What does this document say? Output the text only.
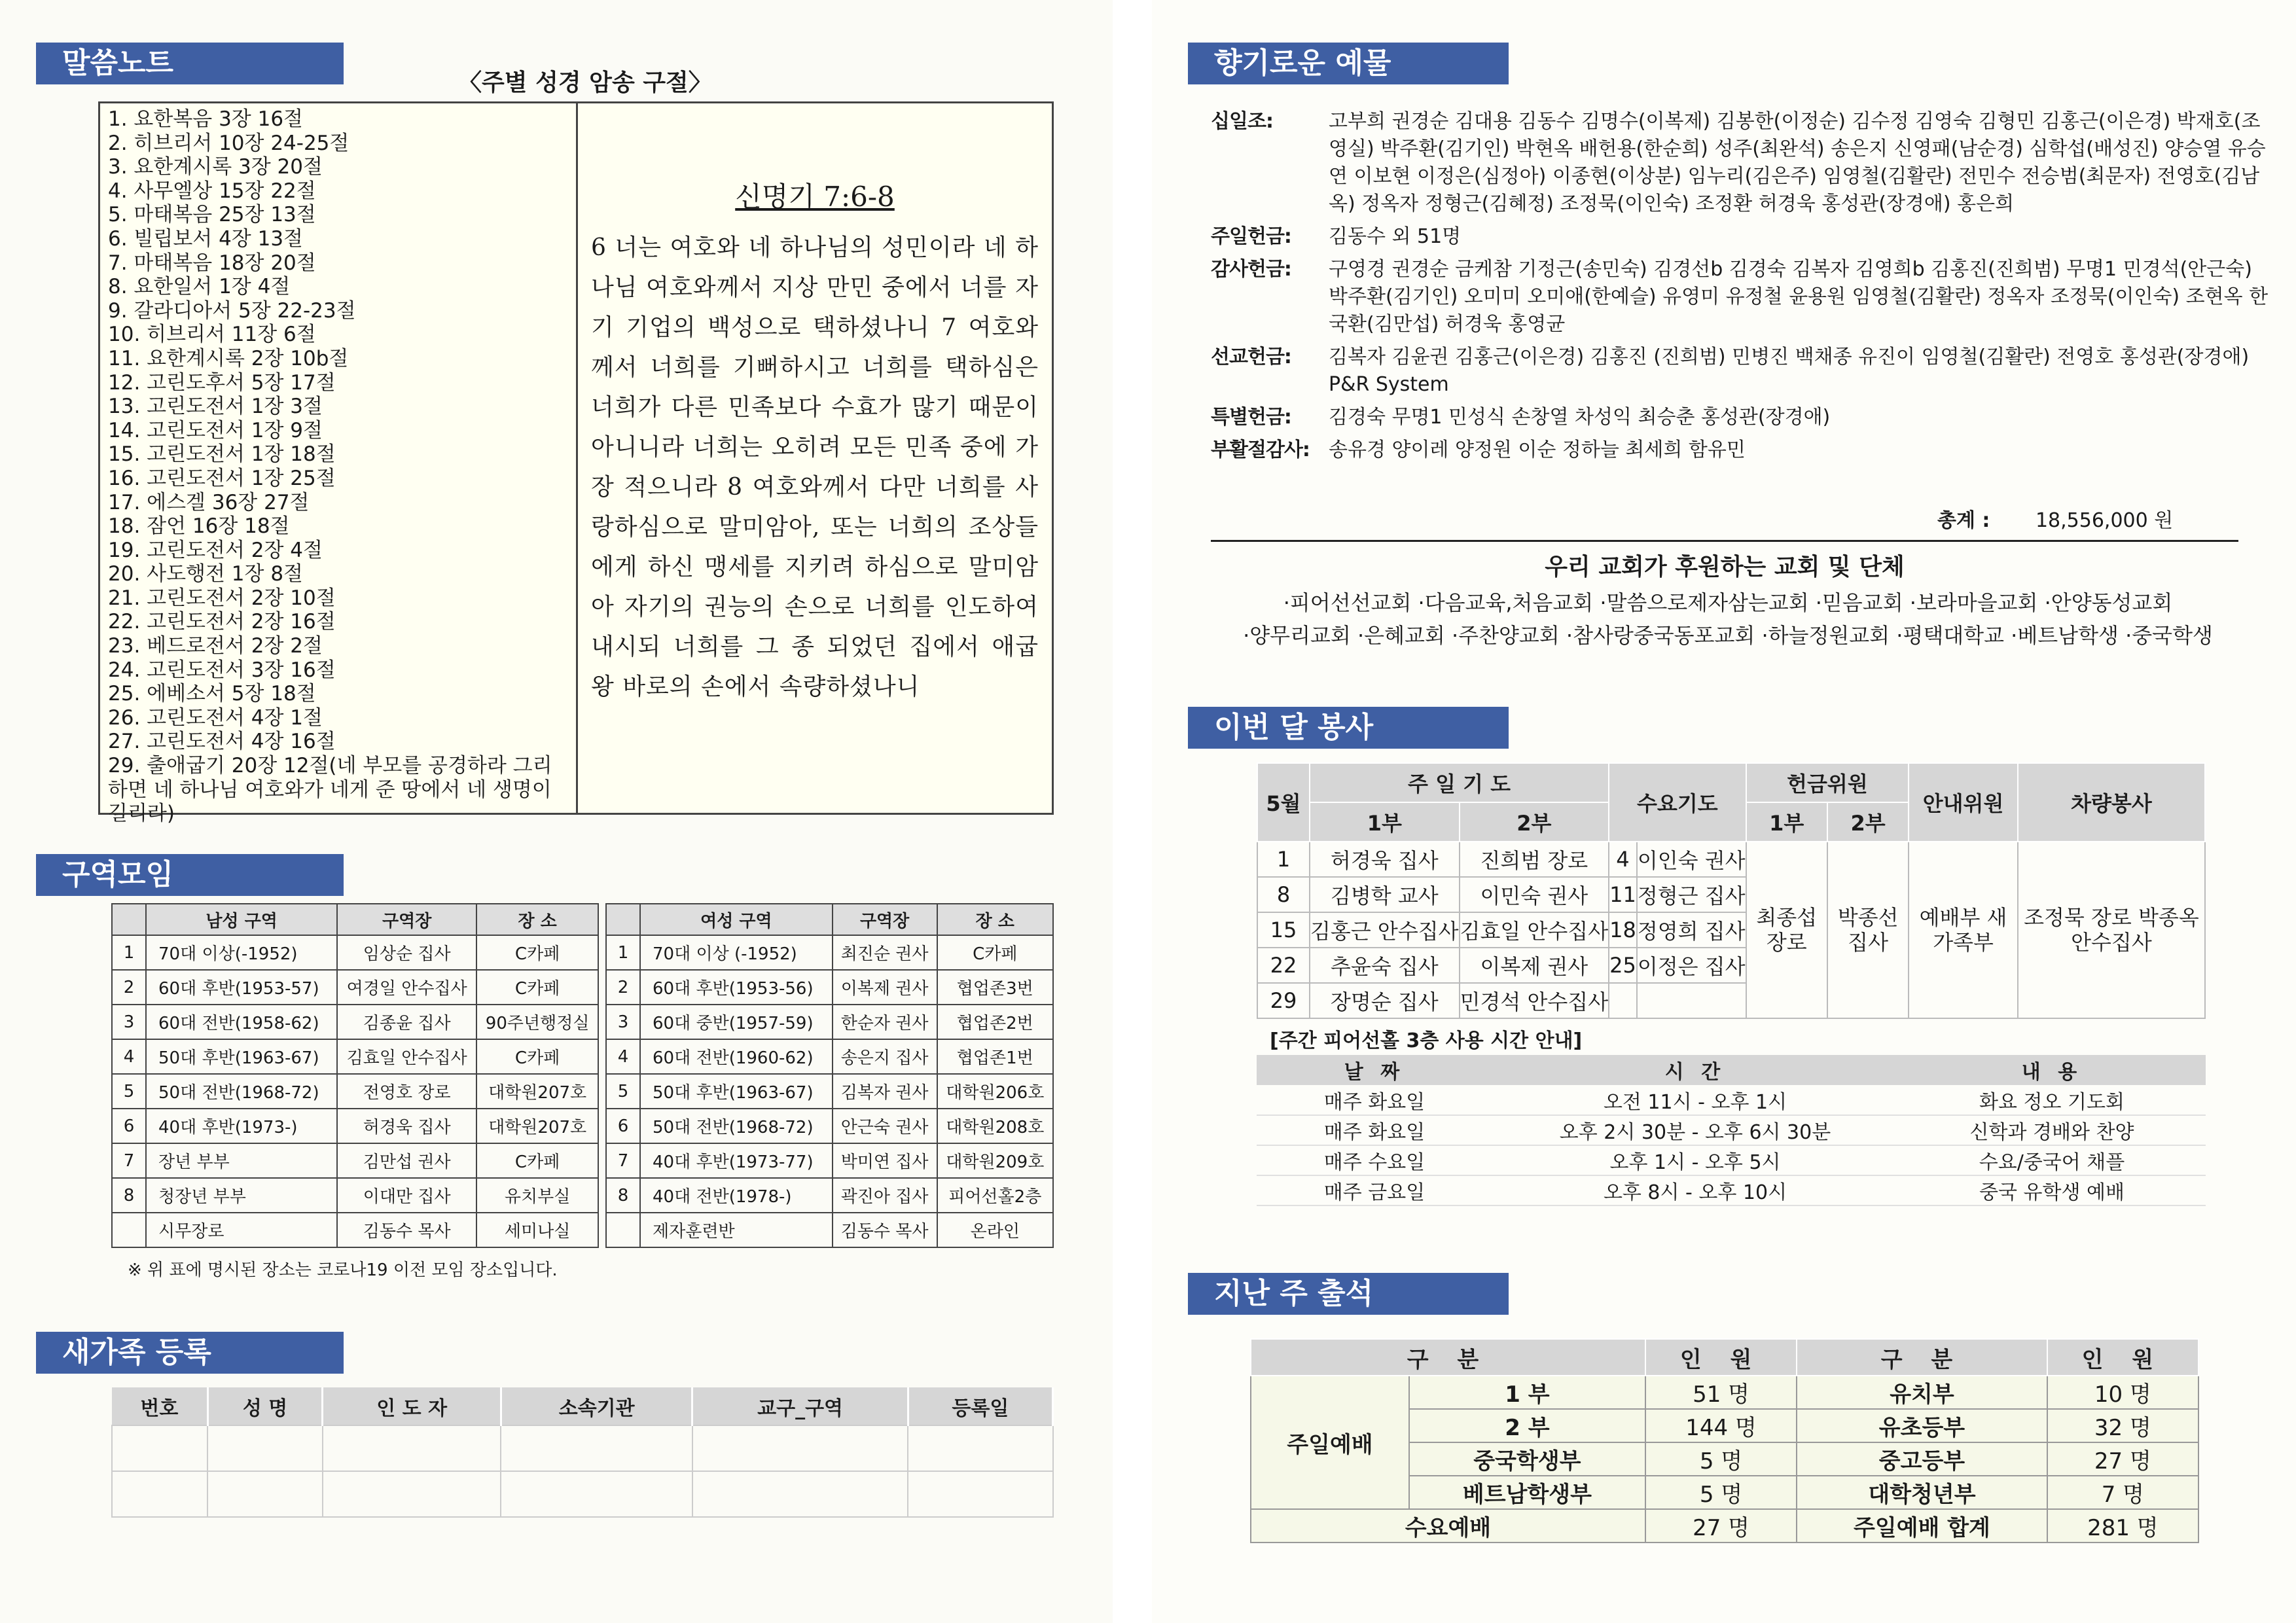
말씀노트
〈주별 성경 암송 구절〉
1. 요한복음 3장 16절
2. 히브리서 10장 24-25절
3. 요한계시록 3장 20절
4. 사무엘상 15장 22절
5. 마태복음 25장 13절
6. 빌립보서 4장 13절
7. 마태복음 18장 20절
8. 요한일서 1장 4절
9. 갈라디아서 5장 22-23절
10. 히브리서 11장 6절
11. 요한계시록 2장 10b절
12. 고린도후서 5장 17절
13. 고린도전서 1장 3절
14. 고린도전서 1장 9절
15. 고린도전서 1장 18절
16. 고린도전서 1장 25절
17. 에스겔 36장 27절
18. 잠언 16장 18절
19. 고린도전서 2장 4절
20. 사도행전 1장 8절
21. 고린도전서 2장 10절
22. 고린도전서 2장 16절
23. 베드로전서 2장 2절
24. 고린도전서 3장 16절
25. 에베소서 5장 18절
26. 고린도전서 4장 1절
27. 고린도전서 4장 16절
29. 출애굽기 20장 12절(네 부모를 공경하라 그리하면 네 하나님 여호와가 네게 준 땅에서 네 생명이 길리라)
신명기 7:6-8
6 너는 여호와 네 하나님의 성민이라 네 하나님 여호와께서 지상 만민 중에서 너를 자기 기업의 백성으로 택하셨나니 7 여호와께서 너희를 기뻐하시고 너희를 택하심은 너희가 다른 민족보다 수효가 많기 때문이 아니니라 너희는 오히려 모든 민족 중에 가장 적으니라 8 여호와께서 다만 너희를 사랑하심으로 말미암아, 또는 너희의 조상들에게 하신 맹세를 지키려 하심으로 말미암아 자기의 권능의 손으로 너희를 인도하여 내시되 너희를 그 종 되었던 집에서 애굽 왕 바로의 손에서 속량하셨나니
구역모임
	남성 구역	구역장	장 소
1	70대 이상(-1952)	임상순 집사	C카페
2	60대 후반(1953-57)	여경일 안수집사	C카페
3	60대 전반(1958-62)	김종윤 집사	90주년행정실
4	50대 후반(1963-67)	김효일 안수집사	C카페
5	50대 전반(1968-72)	전영호 장로	대학원207호
6	40대 후반(1973-)	허경욱 집사	대학원207호
7	장년 부부	김만섭 권사	C카페
8	청장년 부부	이대만 집사	유치부실
	시무장로	김동수 목사	세미나실
	여성 구역	구역장	장 소
1	70대 이상 (-1952)	최진순 권사	C카페
2	60대 후반(1953-56)	이복제 권사	협업존3번
3	60대 중반(1957-59)	한순자 권사	협업존2번
4	60대 전반(1960-62)	송은지 집사	협업존1번
5	50대 후반(1963-67)	김복자 권사	대학원206호
6	50대 전반(1968-72)	안근숙 권사	대학원208호
7	40대 후반(1973-77)	박미연 집사	대학원209호
8	40대 전반(1978-)	곽진아 집사	피어선홀2층
	제자훈련반	김동수 목사	온라인
※ 위 표에 명시된 장소는 코로나19 이전 모임 장소입니다.
새가족 등록
번호	성 명	인 도 자	소속기관	교구_구역	등록일

향기로운 예물
십일조:	고부희 권경순 김대용 김동수 김명수(이복제) 김봉한(이정순) 김수정 김영숙 김형민 김홍근(이은경) 박재호(조영실) 박주환(김기인) 박현옥 배헌용(한순희) 성주(최완석) 송은지 신영패(남순경) 심학섭(배성진) 양승열 유승연 이보현 이정은(심정아) 이종현(이상분) 임누리(김은주) 임영철(김활란) 전민수 전승범(최문자) 전영호(김남옥) 정옥자 정형근(김혜정) 조정묵(이인숙) 조정환 허경욱 홍성관(장경애) 홍은희
주일헌금:	김동수 외 51명
감사헌금:	구영경 권경순 금케참 기정근(송민숙) 김경선b 김경숙 김복자 김영희b 김홍진(진희범) 무명1 민경석(안근숙) 박주환(김기인) 오미미 오미애(한예슬) 유영미 유정철 윤용원 임영철(김활란) 정옥자 조정묵(이인숙) 조현옥 한국환(김만섭) 허경욱 홍영균
선교헌금:	김복자 김윤권 김홍근(이은경) 김홍진 (진희범) 민병진 백채종 유진이 임영철(김활란) 전영호 홍성관(장경애) P&R System
특별헌금:	김경숙 무명1 민성식 손창열 차성익 최승춘 홍성관(장경애)
부활절감사: 송유경 양이레 양정원 이순 정하늘 최세희 함유민
총계 : 18,556,000 원
우리 교회가 후원하는 교회 및 단체
·피어선선교회 ·다음교육,처음교회 ·말씀으로제자삼는교회 ·믿음교회 ·보라마을교회 ·안양동성교회
·양무리교회 ·은혜교회 ·주찬양교회 ·참사랑중국동포교회 ·하늘정원교회 ·평택대학교 ·베트남학생 ·중국학생
이번 달 봉사
5월	주 일 기 도		수요기도		헌금위원		안내위원	차량봉사
	1부	2부			1부	2부		
1	허경욱 집사	진희범 장로	4	이인숙 권사	최종섭 장로	박종선 집사	예배부 새가족부	조정묵 장로 박종옥 안수집사
8	김병학 교사	이민숙 권사	11	정형근 집사				
15	김홍근 안수집사	김효일 안수집사	18	정영희 집사				
22	추윤숙 집사	이복제 권사	25	이정은 집사				
29	장명순 집사	민경석 안수집사						
[주간 피어선홀 3층 사용 시간 안내]
날 짜	시 간	내 용
매주 화요일	오전 11시 - 오후 1시	화요 정오 기도회
매주 화요일	오후 2시 30분 - 오후 6시 30분	신학과 경배와 찬양
매주 수요일	오후 1시 - 오후 5시	수요/중국어 채플
매주 금요일	오후 8시 - 오후 10시	중국 유학생 예배
지난 주 출석
구 분		인 원	구 분	인 원
주일예배	1 부	51 명	유치부	10 명
	2 부	144 명	유초등부	32 명
	중국학생부	5 명	중고등부	27 명
	베트남학생부	5 명	대학청년부	7 명
수요예배		27 명	주일예배 합계	281 명
